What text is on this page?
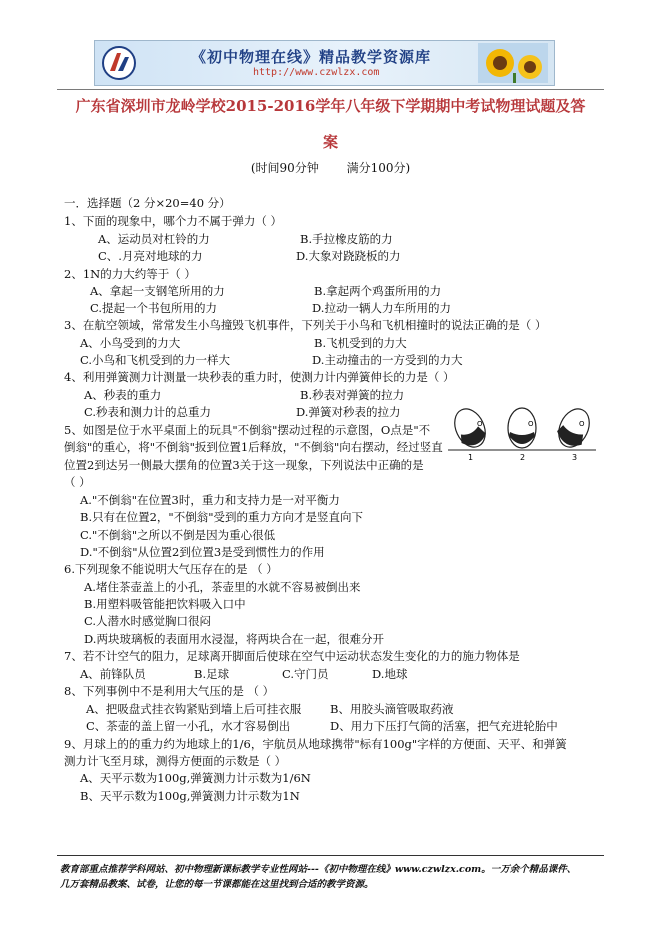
《初中物理在线》精品教学资源库
http://www.czwlzx.com
广东省深圳市龙岭学校2015-2016学年八年级下学期期中考试物理试题及答
案
(时间90分钟 满分100分)
一．选择题（2 分×20=40 分）
1、下面的现象中，哪个力不属于弹力（ ）
A、运动员对杠铃的力	B.手拉橡皮筋的力
C、.月亮对地球的力	D.大象对跷跷板的力
2、1N的力大约等于（ ）
A、拿起一支钢笔所用的力	B.拿起两个鸡蛋所用的力
C.提起一个书包所用的力	D.拉动一辆人力车所用的力
3、在航空领域，常常发生小鸟撞毁飞机事件，下列关于小鸟和飞机相撞时的说法正确的是（ ）
A、小鸟受到的力大	B.飞机受到的力大
C.小鸟和飞机受到的力一样大	D.主动撞击的一方受到的力大
4、利用弹簧测力计测量一块秒表的重力时，使测力计内弹簧伸长的力是（ ）
A、秒表的重力	B.秒表对弹簧的拉力
C.秒表和测力计的总重力	D.弹簧对秒表的拉力
5、如图是位于水平桌面上的玩具"不倒翁"摆动过程的示意图，O点是"不
倒翁"的重心，将"不倒翁"扳到位置1后释放，"不倒翁"向右摆动，经过竖直
位置2到达另一侧最大摆角的位置3关于这一现象，下列说法中正确的是
（ ）
O	O	O
1	2	3
A."不倒翁"在位置3时，重力和支持力是一对平衡力
B.只有在位置2，"不倒翁"受到的重力方向才是竖直向下
C."不倒翁"之所以不倒是因为重心很低
D."不倒翁"从位置2到位置3是受到惯性力的作用
6.下列现象不能说明大气压存在的是 （ ）
A.堵住茶壶盖上的小孔，茶壶里的水就不容易被倒出来
B.用塑料吸管能把饮料吸入口中
C.人潜水时感觉胸口很闷
D.两块玻璃板的表面用水浸湿，将两块合在一起，很难分开
7、若不计空气的阻力，足球离开脚面后使球在空气中运动状态发生变化的力的施力物体是
A、前锋队员	B.足球	C.守门员	D.地球
8、下列事例中不是利用大气压的是 （ ）
A、把吸盘式挂衣钩紧贴到墙上后可挂衣服 B、用胶头滴管吸取药液
C、茶壶的盖上留一小孔，水才容易倒出	D、用力下压打气筒的活塞，把气充进轮胎中
9、月球上的的重力约为地球上的1/6，宇航员从地球携带"标有100g"字样的方便面、天平、和弹簧
测力计飞至月球，测得方便面的示数是（ ）
A、天平示数为100g,弹簧测力计示数为1/6N
B、天平示数为100g,弹簧测力计示数为1N
教育部重点推荐学科网站、初中物理新课标教学专业性网站---《初中物理在线》www.czwlzx.com。一万余个精品课件、
几万套精品教案、试卷，让您的每一节课都能在这里找到合适的教学资源。
